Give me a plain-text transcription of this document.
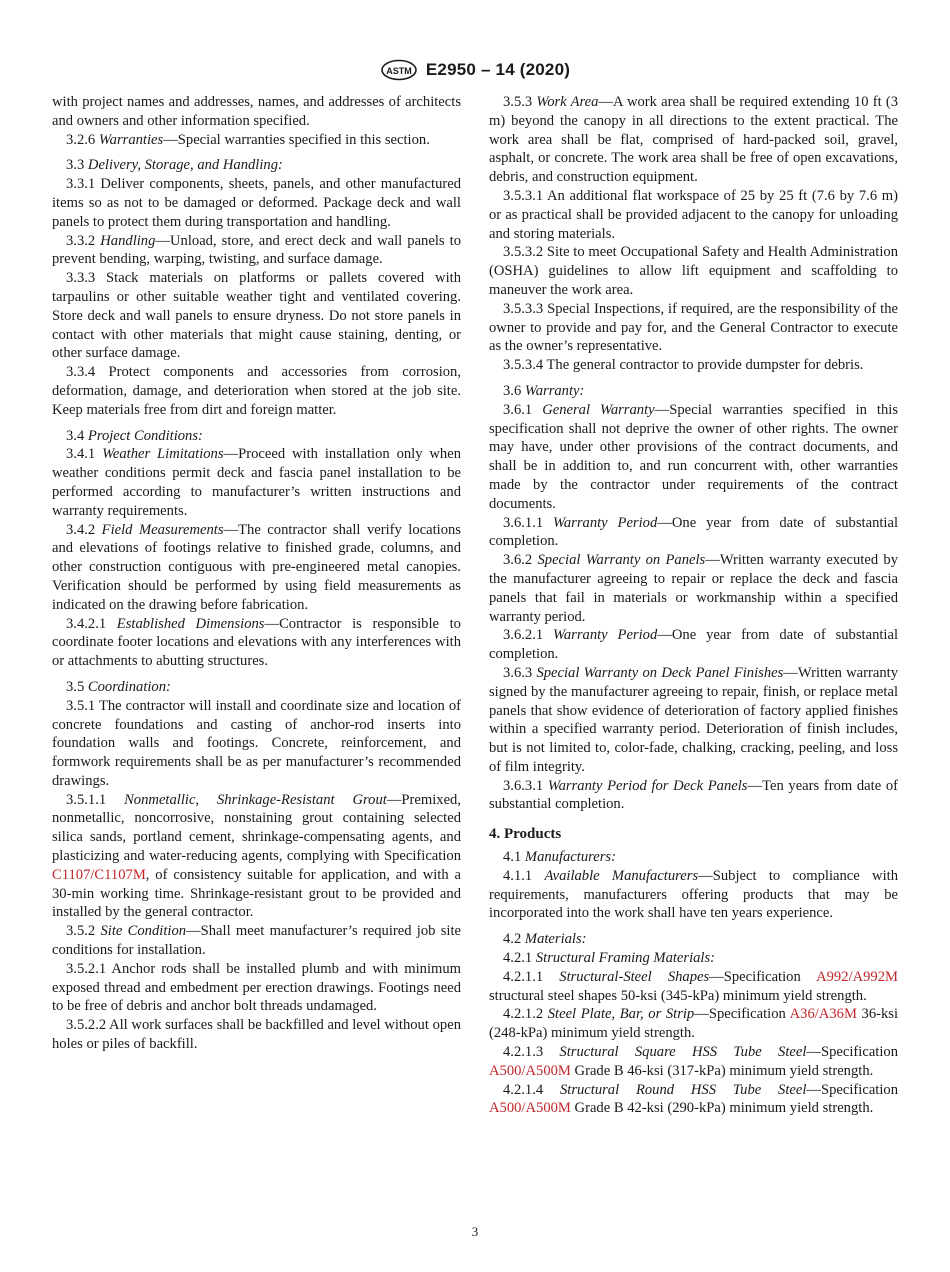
ASTM E2950 – 14 (2020)

with project names and addresses, names, and addresses of architects and owners and other information specified.

3.2.6 Warranties—Special warranties specified in this section.

3.3 Delivery, Storage, and Handling:

3.3.1 Deliver components, sheets, panels, and other manufactured items so as not to be damaged or deformed. Package deck and wall panels to protect them during transportation and handling.

3.3.2 Handling—Unload, store, and erect deck and wall panels to prevent bending, warping, twisting, and surface damage.

3.3.3 Stack materials on platforms or pallets covered with tarpaulins or other suitable weather tight and ventilated covering. Store deck and wall panels to ensure dryness. Do not store panels in contact with other materials that might cause staining, denting, or other surface damage.

3.3.4 Protect components and accessories from corrosion, deformation, damage, and deterioration when stored at the job site. Keep materials free from dirt and foreign matter.

3.4 Project Conditions:

3.4.1 Weather Limitations—Proceed with installation only when weather conditions permit deck and fascia panel installation to be performed according to manufacturer’s written instructions and warranty requirements.

3.4.2 Field Measurements—The contractor shall verify locations and elevations of footings relative to finished grade, columns, and other construction contiguous with pre-engineered metal canopies. Verification should be performed by using field measurements as indicated on the drawing before fabrication.

3.4.2.1 Established Dimensions—Contractor is responsible to coordinate footer locations and elevations with any interferences with or attachments to abutting structures.

3.5 Coordination:

3.5.1 The contractor will install and coordinate size and location of concrete foundations and casting of anchor-rod inserts into foundation walls and footings. Concrete, reinforcement, and formwork requirements shall be as per manufacturer’s recommended drawings.

3.5.1.1 Nonmetallic, Shrinkage-Resistant Grout—Premixed, nonmetallic, noncorrosive, nonstaining grout containing selected silica sands, portland cement, shrinkage-compensating agents, and plasticizing and water-reducing agents, complying with Specification C1107/C1107M, of consistency suitable for application, and with a 30-min working time. Shrinkage-resistant grout to be provided and installed by the general contractor.

3.5.2 Site Condition—Shall meet manufacturer’s required job site conditions for installation.

3.5.2.1 Anchor rods shall be installed plumb and with minimum exposed thread and embedment per erection drawings. Footings need to be free of debris and anchor bolt threads undamaged.

3.5.2.2 All work surfaces shall be backfilled and level without open holes or piles of backfill.

3.5.3 Work Area—A work area shall be required extending 10 ft (3 m) beyond the canopy in all directions to the extent practical. The work area shall be flat, comprised of hard-packed soil, gravel, asphalt, or concrete. The work area shall be free of open excavations, debris, and construction equipment.

3.5.3.1 An additional flat workspace of 25 by 25 ft (7.6 by 7.6 m) or as practical shall be provided adjacent to the canopy for unloading and storing materials.

3.5.3.2 Site to meet Occupational Safety and Health Administration (OSHA) guidelines to allow lift equipment and scaffolding to maneuver the work area.

3.5.3.3 Special Inspections, if required, are the responsibility of the owner to provide and pay for, and the General Contractor to execute as the owner’s representative.

3.5.3.4 The general contractor to provide dumpster for debris.

3.6 Warranty:

3.6.1 General Warranty—Special warranties specified in this specification shall not deprive the owner of other rights. The owner may have, under other provisions of the contract documents, and shall be in addition to, and run concurrent with, other warranties made by the contractor under requirements of the contract documents.

3.6.1.1 Warranty Period—One year from date of substantial completion.

3.6.2 Special Warranty on Panels—Written warranty executed by the manufacturer agreeing to repair or replace the deck and fascia panels that fail in materials or workmanship within a specified warranty period.

3.6.2.1 Warranty Period—One year from date of substantial completion.

3.6.3 Special Warranty on Deck Panel Finishes—Written warranty signed by the manufacturer agreeing to repair, finish, or replace metal panels that show evidence of deterioration of factory applied finishes within a specified warranty period. Deterioration of finish includes, but is not limited to, color-fade, chalking, cracking, peeling, and loss of film integrity.

3.6.3.1 Warranty Period for Deck Panels—Ten years from date of substantial completion.

4. Products

4.1 Manufacturers:

4.1.1 Available Manufacturers—Subject to compliance with requirements, manufacturers offering products that may be incorporated into the work shall have ten years experience.

4.2 Materials:

4.2.1 Structural Framing Materials:

4.2.1.1 Structural-Steel Shapes—Specification A992/A992M structural steel shapes 50-ksi (345-kPa) minimum yield strength.

4.2.1.2 Steel Plate, Bar, or Strip—Specification A36/A36M 36-ksi (248-kPa) minimum yield strength.

4.2.1.3 Structural Square HSS Tube Steel—Specification A500/A500M Grade B 46-ksi (317-kPa) minimum yield strength.

4.2.1.4 Structural Round HSS Tube Steel—Specification A500/A500M Grade B 42-ksi (290-kPa) minimum yield strength.

3
